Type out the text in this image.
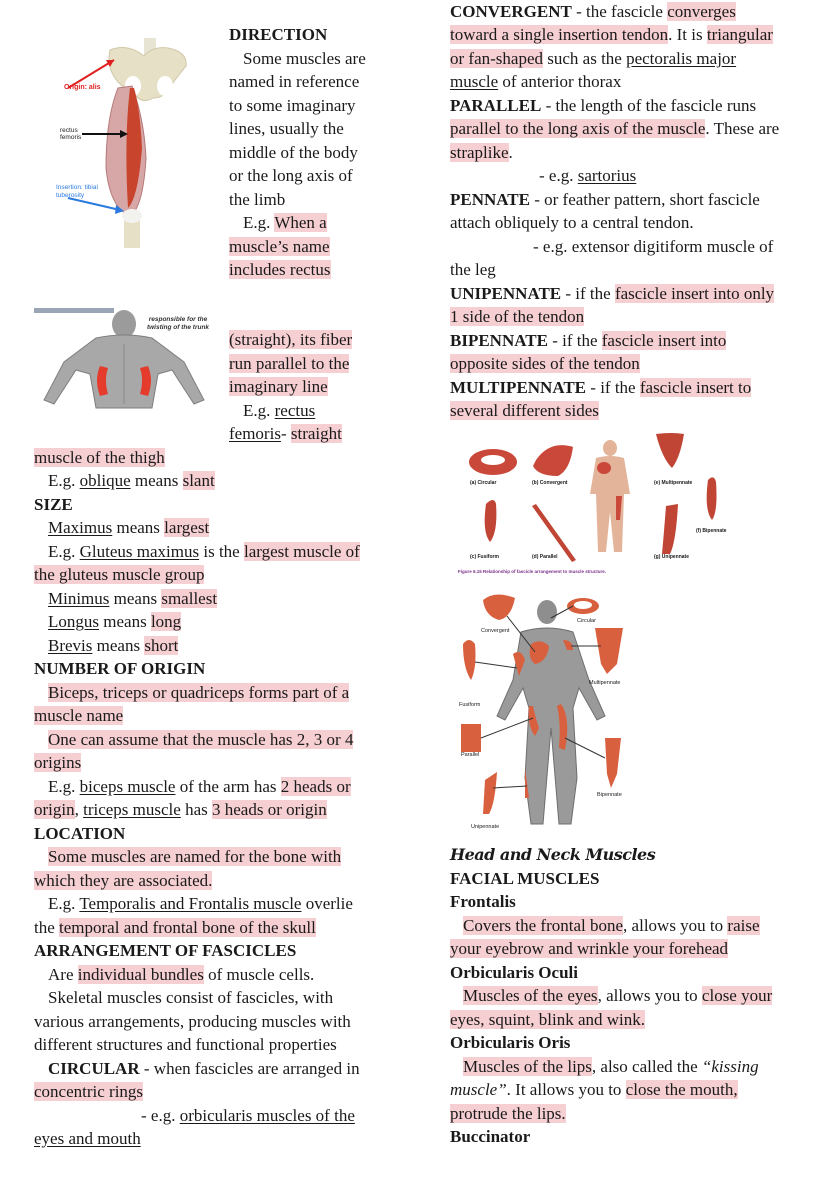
Origin: alis
rectus femoris
Insertion: tibial tuberosity
responsible for the twisting of the trunk
DIRECTION
Some muscles are
named in reference
to some imaginary
lines, usually the
middle of the body
or the long axis of
the limb
E.g. When a
muscle’s name
includes rectus
(straight), its fiber
run parallel to the
imaginary line
E.g. rectus
femoris- straight
muscle of the thigh
E.g. oblique means slant
SIZE
Maximus means largest
E.g. Gluteus maximus is the largest muscle of
the gluteus muscle group
Minimus means smallest
Longus means long
Brevis means short
NUMBER OF ORIGIN
Biceps, triceps or quadriceps forms part of a
muscle name
One can assume that the muscle has 2, 3 or 4
origins
E.g. biceps muscle of the arm has 2 heads or
origin, triceps muscle has 3 heads or origin
LOCATION
Some muscles are named for the bone with
which they are associated.
E.g. Temporalis and Frontalis muscle overlie
the temporal and frontal bone of the skull
ARRANGEMENT OF FASCICLES
Are individual bundles of muscle cells.
Skeletal muscles consist of fascicles, with
various arrangements, producing muscles with
different structures and functional properties
CIRCULAR - when fascicles are arranged in
concentric rings
- e.g. orbicularis muscles of the
eyes and mouth
CONVERGENT - the fascicle converges
toward a single insertion tendon. It is triangular
or fan-shaped such as the pectoralis major
muscle of anterior thorax
PARALLEL - the length of the fascicle runs
parallel to the long axis of the muscle. These are
straplike.
- e.g. sartorius
PENNATE - or feather pattern, short fascicle
attach obliquely to a central tendon.
- e.g. extensor digitiform muscle of
the leg
UNIPENNATE - if the fascicle insert into only
1 side of the tendon
BIPENNATE - if the fascicle insert into
opposite sides of the tendon
MULTIPENNATE - if the fascicle insert to
several different sides
Figure 6.15 Relationship of fascicle arrangement to muscle structure.
(a) Circular	(b) Convergent	(e) Multipennate
(f) Bipennate
(c) Fusiform	(d) Parallel	(g) Unipennate
Convergent
Circular
Multipennate
Fusiform
Parallel
Bipennate
Unipennate
Head and Neck Muscles
FACIAL MUSCLES
Frontalis
Covers the frontal bone, allows you to raise
your eyebrow and wrinkle your forehead
Orbicularis Oculi
Muscles of the eyes, allows you to close your
eyes, squint, blink and wink.
Orbicularis Oris
Muscles of the lips, also called the “kissing
muscle”. It allows you to close the mouth,
protrude the lips.
Buccinator
